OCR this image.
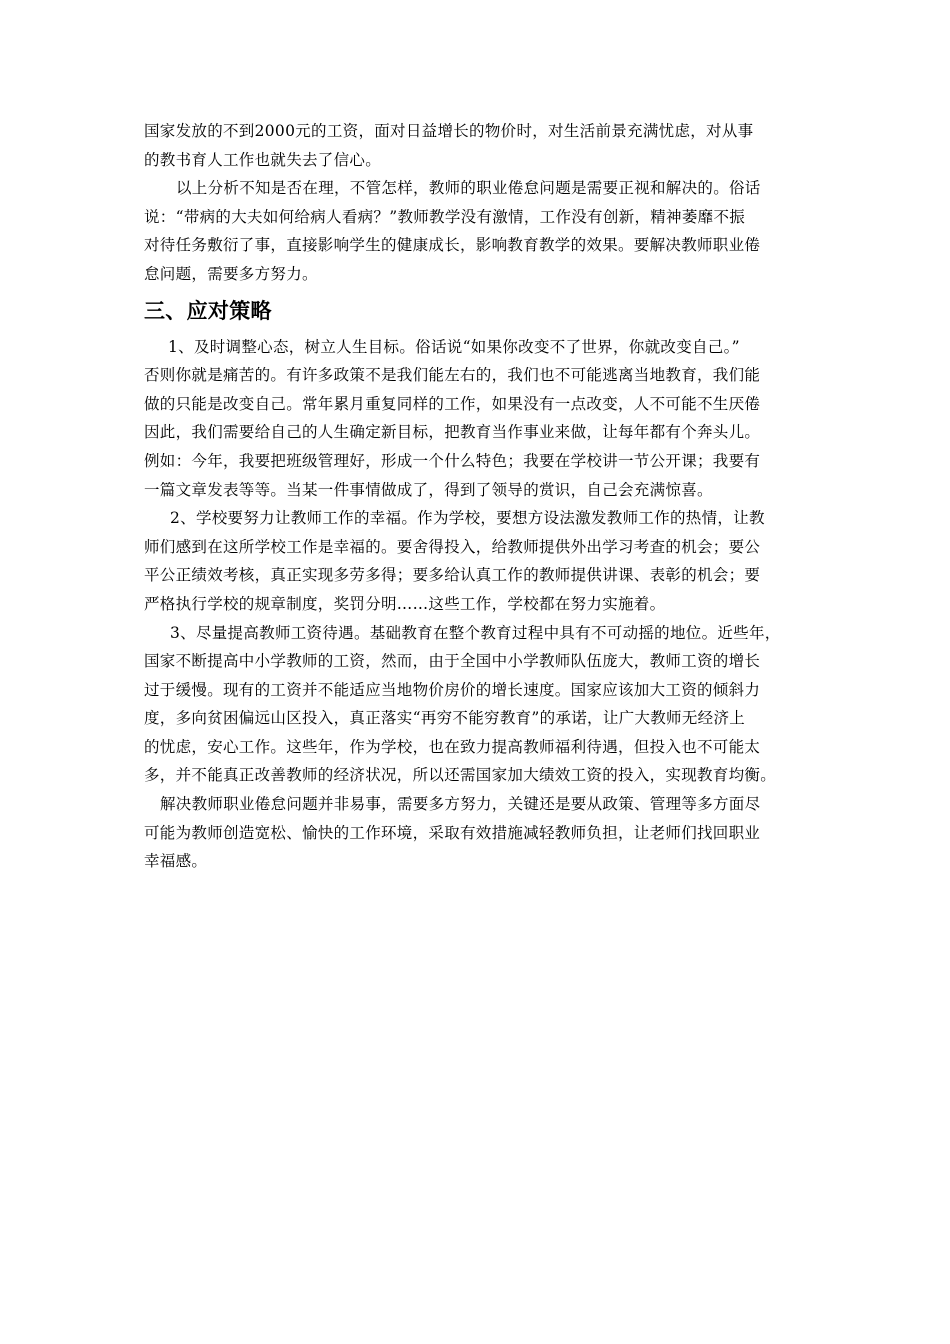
国家发放的不到2000元的工资，面对日益增长的物价时，对生活前景充满忧虑，对从事
的教书育人工作也就失去了信心。
以上分析不知是否在理，不管怎样，教师的职业倦怠问题是需要正视和解决的。俗话
说：“带病的大夫如何给病人看病？”教师教学没有激情，工作没有创新，精神萎靡不振
对待任务敷衍了事，直接影响学生的健康成长，影响教育教学的效果。要解决教师职业倦
怠问题，需要多方努力。
三、应对策略
1、及时调整心态，树立人生目标。俗话说“如果你改变不了世界，你就改变自己。”
否则你就是痛苦的。有许多政策不是我们能左右的，我们也不可能逃离当地教育，我们能
做的只能是改变自己。常年累月重复同样的工作，如果没有一点改变，人不可能不生厌倦
因此，我们需要给自己的人生确定新目标，把教育当作事业来做，让每年都有个奔头儿。
例如：今年，我要把班级管理好，形成一个什么特色；我要在学校讲一节公开课；我要有
一篇文章发表等等。当某一件事情做成了，得到了领导的赏识，自己会充满惊喜。
2、学校要努力让教师工作的幸福。作为学校，要想方设法激发教师工作的热情，让教
师们感到在这所学校工作是幸福的。要舍得投入，给教师提供外出学习考查的机会；要公
平公正绩效考核，真正实现多劳多得；要多给认真工作的教师提供讲课、表彰的机会；要
严格执行学校的规章制度，奖罚分明……这些工作，学校都在努力实施着。
3、尽量提高教师工资待遇。基础教育在整个教育过程中具有不可动摇的地位。近些年，
国家不断提高中小学教师的工资，然而，由于全国中小学教师队伍庞大，教师工资的增长
过于缓慢。现有的工资并不能适应当地物价房价的增长速度。国家应该加大工资的倾斜力
度，多向贫困偏远山区投入，真正落实“再穷不能穷教育”的承诺，让广大教师无经济上
的忧虑，安心工作。这些年，作为学校，也在致力提高教师福利待遇，但投入也不可能太
多，并不能真正改善教师的经济状况，所以还需国家加大绩效工资的投入，实现教育均衡。
解决教师职业倦怠问题并非易事，需要多方努力，关键还是要从政策、管理等多方面尽
可能为教师创造宽松、愉快的工作环境，采取有效措施减轻教师负担，让老师们找回职业
幸福感。
